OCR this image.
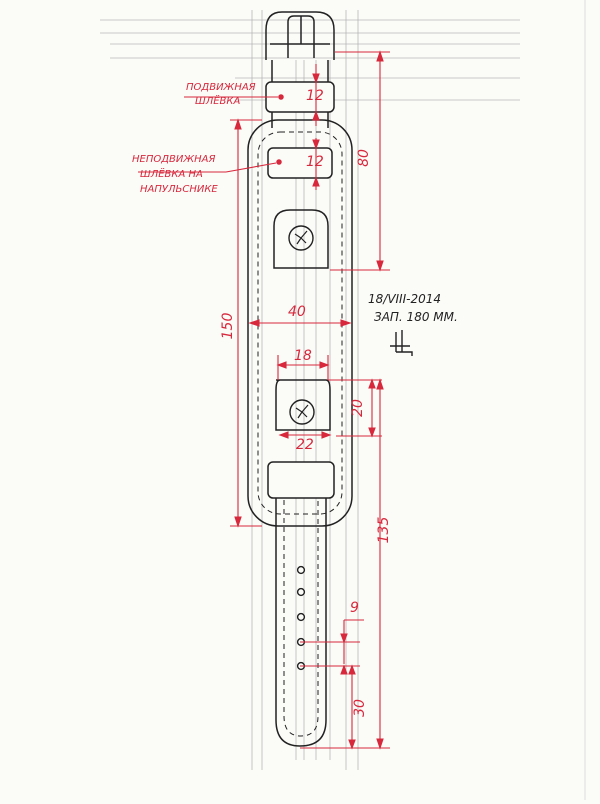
ПОДВИЖНАЯ
ШЛЁВКА
НЕПОДВИЖНАЯ
ШЛЁВКА НА
НАПУЛЬСНИКЕ
12
12 80
150
40
18
20
22
135
9
30
18/VIII-2014
ЗАП. 180 ММ.
